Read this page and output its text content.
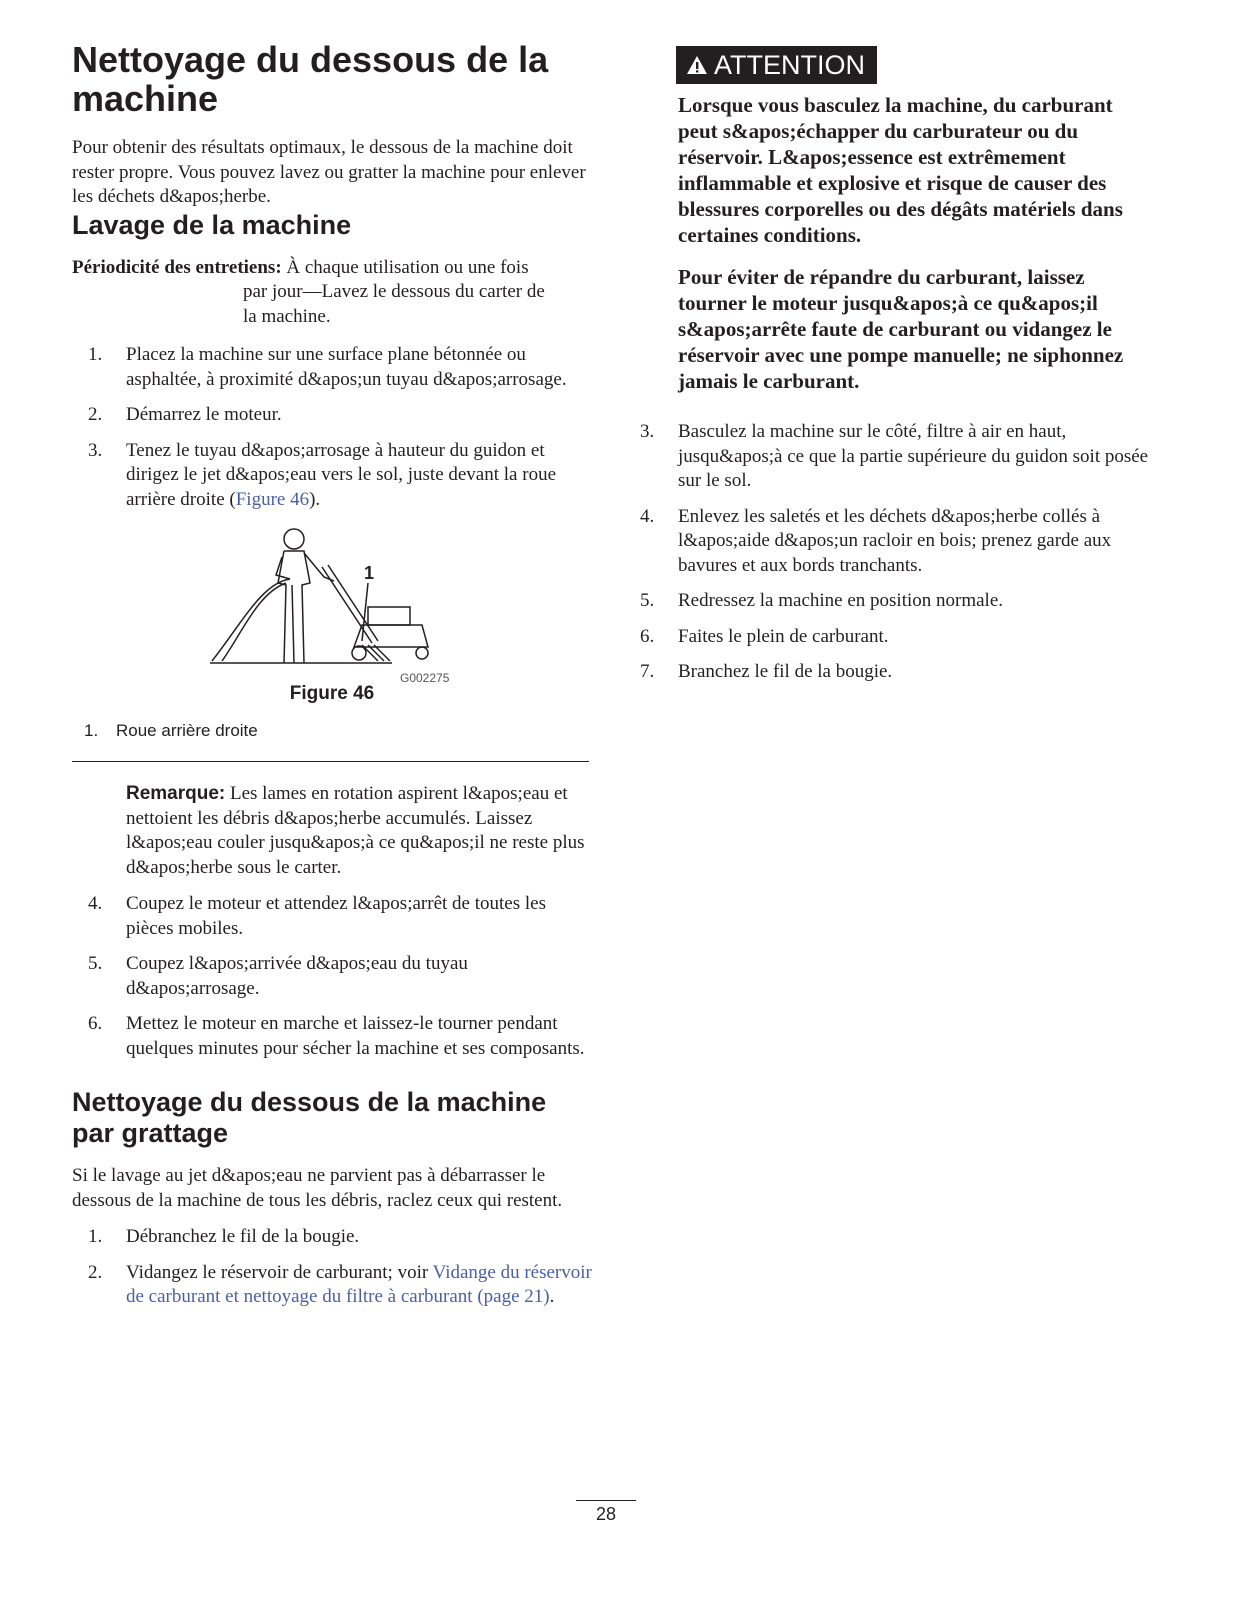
Nettoyage du dessous de la machine

Pour obtenir des résultats optimaux, le dessous de la machine doit rester propre. Vous pouvez lavez ou gratter la machine pour enlever les déchets d&apos;herbe.

Lavage de la machine
Périodicité des entretiens: À chaque utilisation ou une fois
par jour—Lavez le dessous du carter de
la machine.
1.	Placez la machine sur une surface plane bétonnée ou asphaltée, à proximité d&apos;un tuyau d&apos;arrosage.
2.	Démarrez le moteur.
3.	Tenez le tuyau d&apos;arrosage à hauteur du guidon et dirigez le jet d&apos;eau vers le sol, juste devant la roue arrière droite (Figure 46).
1
G002275

Figure 46

1. Roue arrière droite
Remarque: Les lames en rotation aspirent l&apos;eau et nettoient les débris d&apos;herbe accumulés. Laissez l&apos;eau couler jusqu&apos;à ce qu&apos;il ne reste plus d&apos;herbe sous le carter.
4.	Coupez le moteur et attendez l&apos;arrêt de toutes les pièces mobiles.
5.	Coupez l&apos;arrivée d&apos;eau du tuyau d&apos;arrosage.
6.	Mettez le moteur en marche et laissez-le tourner pendant quelques minutes pour sécher la machine et ses composants.
Nettoyage du dessous de la machine par grattage

Si le lavage au jet d&apos;eau ne parvient pas à débarrasser le dessous de la machine de tous les débris, raclez ceux qui restent.

1.	Débranchez le fil de la bougie.
2.	Vidangez le réservoir de carburant; voir Vidange du réservoir de carburant et nettoyage du filtre à carburant (page 21).
ATTENTION

Lorsque vous basculez la machine, du carburant peut s&apos;échapper du carburateur ou du réservoir. L&apos;essence est extrêmement inflammable et explosive et risque de causer des blessures corporelles ou des dégâts matériels dans certaines conditions.

Pour éviter de répandre du carburant, laissez tourner le moteur jusqu&apos;à ce qu&apos;il s&apos;arrête faute de carburant ou vidangez le réservoir avec une pompe manuelle; ne siphonnez jamais le carburant.

3.	Basculez la machine sur le côté, filtre à air en haut, jusqu&apos;à ce que la partie supérieure du guidon soit posée sur le sol.
4.	Enlevez les saletés et les déchets d&apos;herbe collés à l&apos;aide d&apos;un racloir en bois; prenez garde aux bavures et aux bords tranchants.
5.	Redressez la machine en position normale.
6.	Faites le plein de carburant.
7.	Branchez le fil de la bougie.
28
